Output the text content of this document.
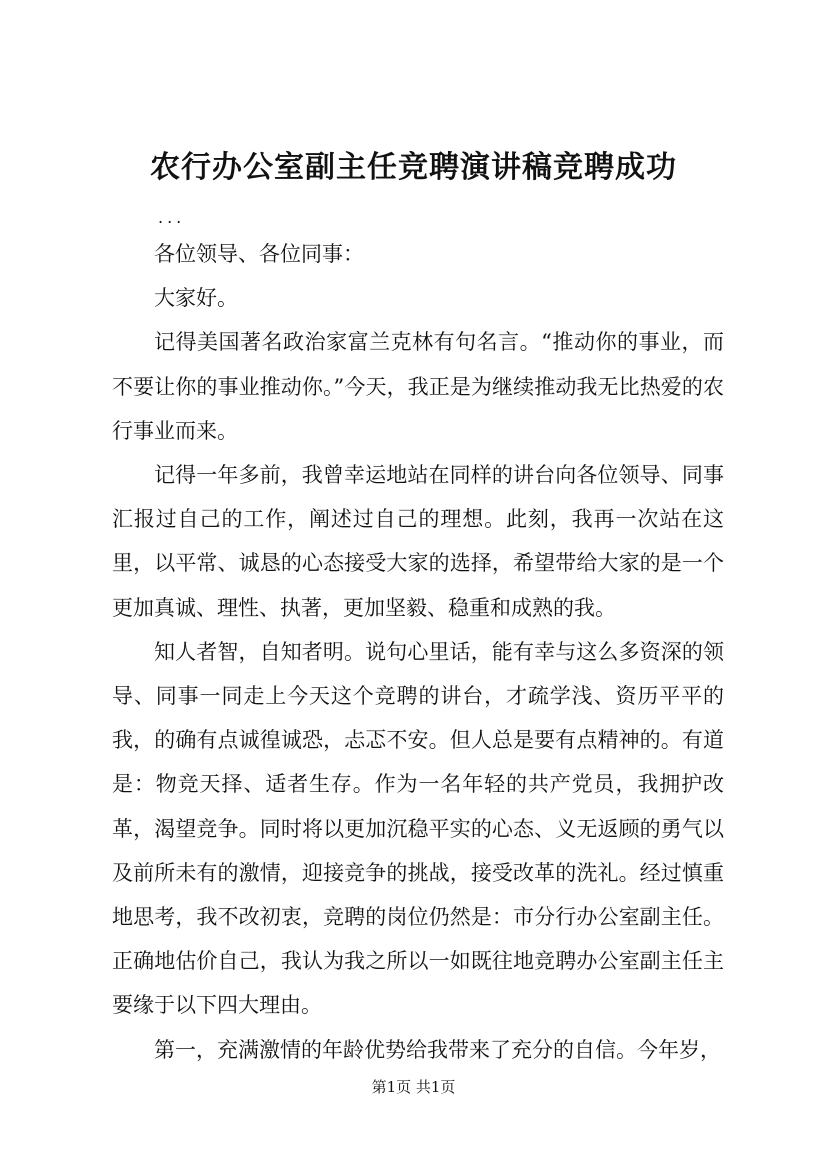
农行办公室副主任竞聘演讲稿竞聘成功
...

各位领导、各位同事：

大家好。

记得美国著名政治家富兰克林有句名言。“推动你的事业，而不要让你的事业推动你。”今天，我正是为继续推动我无比热爱的农行事业而来。

记得一年多前，我曾幸运地站在同样的讲台向各位领导、同事汇报过自己的工作，阐述过自己的理想。此刻，我再一次站在这里，以平常、诚恳的心态接受大家的选择，希望带给大家的是一个更加真诚、理性、执著，更加坚毅、稳重和成熟的我。

知人者智，自知者明。说句心里话，能有幸与这么多资深的领导、同事一同走上今天这个竞聘的讲台，才疏学浅、资历平平的我，的确有点诚徨诚恐，忐忑不安。但人总是要有点精神的。有道是：物竞天择、适者生存。作为一名年轻的共产党员，我拥护改革，渴望竞争。同时将以更加沉稳平实的心态、义无返顾的勇气以及前所未有的激情，迎接竞争的挑战，接受改革的洗礼。经过慎重地思考，我不改初衷，竞聘的岗位仍然是：市分行办公室副主任。正确地估价自己，我认为我之所以一如既往地竞聘办公室副主任主要缘于以下四大理由。

第一，充满激情的年龄优势给我带来了充分的自信。今年岁，

第1页 共1页
